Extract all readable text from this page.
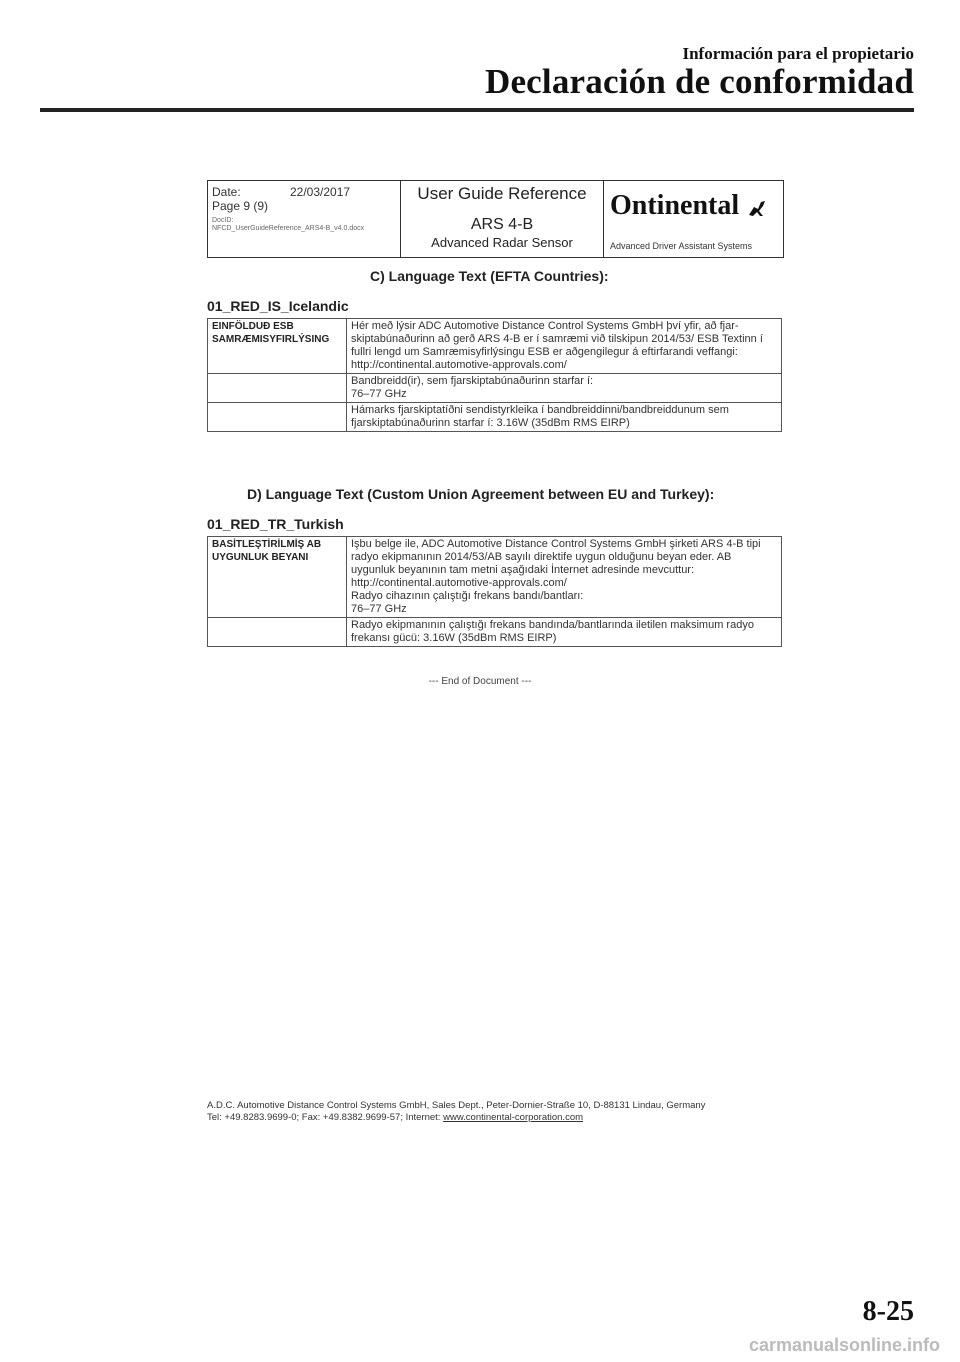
Información para el propietario
Declaración de conformidad
Date:	22/03/2017
Page 9 (9)
DocID:
NFCD_UserGuideReference_ARS4-B_v4.0.docx
User Guide Reference
ARS 4-B
Advanced Radar Sensor
Ontinental
Advanced Driver Assistant Systems
C) Language Text (EFTA Countries):
01_RED_IS_Icelandic
EINFÖLDUÐ ESB SAMRÆMISYFIRLÝSING	Hér með lýsir ADC Automotive Distance Control Systems GmbH því yfir, að fjar-skiptabúnaðurinn að gerð ARS 4-B er í samræmi við tilskipun 2014/53/ ESB Textinn í fullri lengd um Samræmisyfirlýsingu ESB er aðgengilegur á eftirfarandi veffangi:
http://continental.automotive-approvals.com/

	Bandbreidd(ir), sem fjarskiptabúnaðurinn starfar í:
76–77 GHz

	Hámarks fjarskiptatíðni sendistyrkleika í bandbreiddinni/bandbreiddunum sem fjarskiptabúnaðurinn starfar í: 3.16W (35dBm RMS EIRP)
D) Language Text (Custom Union Agreement between EU and Turkey):
01_RED_TR_Turkish
BASİTLEŞTİRİLMİŞ AB UYGUNLUK BEYANI	Işbu belge ile, ADC Automotive Distance Control Systems GmbH şirketi ARS 4-B tipi radyo ekipmanının 2014/53/AB sayılı direktife uygun olduğunu beyan eder. AB uygunluk beyanının tam metni aşağıdaki İnternet adresinde mevcuttur:
http://continental.automotive-approvals.com/
Radyo cihazının çalıştığı frekans bandı/bantları:
76–77 GHz

	Radyo ekipmanının çalıştığı frekans bandında/bantlarında iletilen maksimum radyo frekansı gücü: 3.16W (35dBm RMS EIRP)
--- End of Document ---
A.D.C. Automotive Distance Control Systems GmbH, Sales Dept., Peter-Dornier-Straße 10, D-88131 Lindau, Germany
Tel: +49.8283.9699-0; Fax: +49.8382.9699-57; Internet: www.continental-corporation.com
8-25
carmanualsonline.info
